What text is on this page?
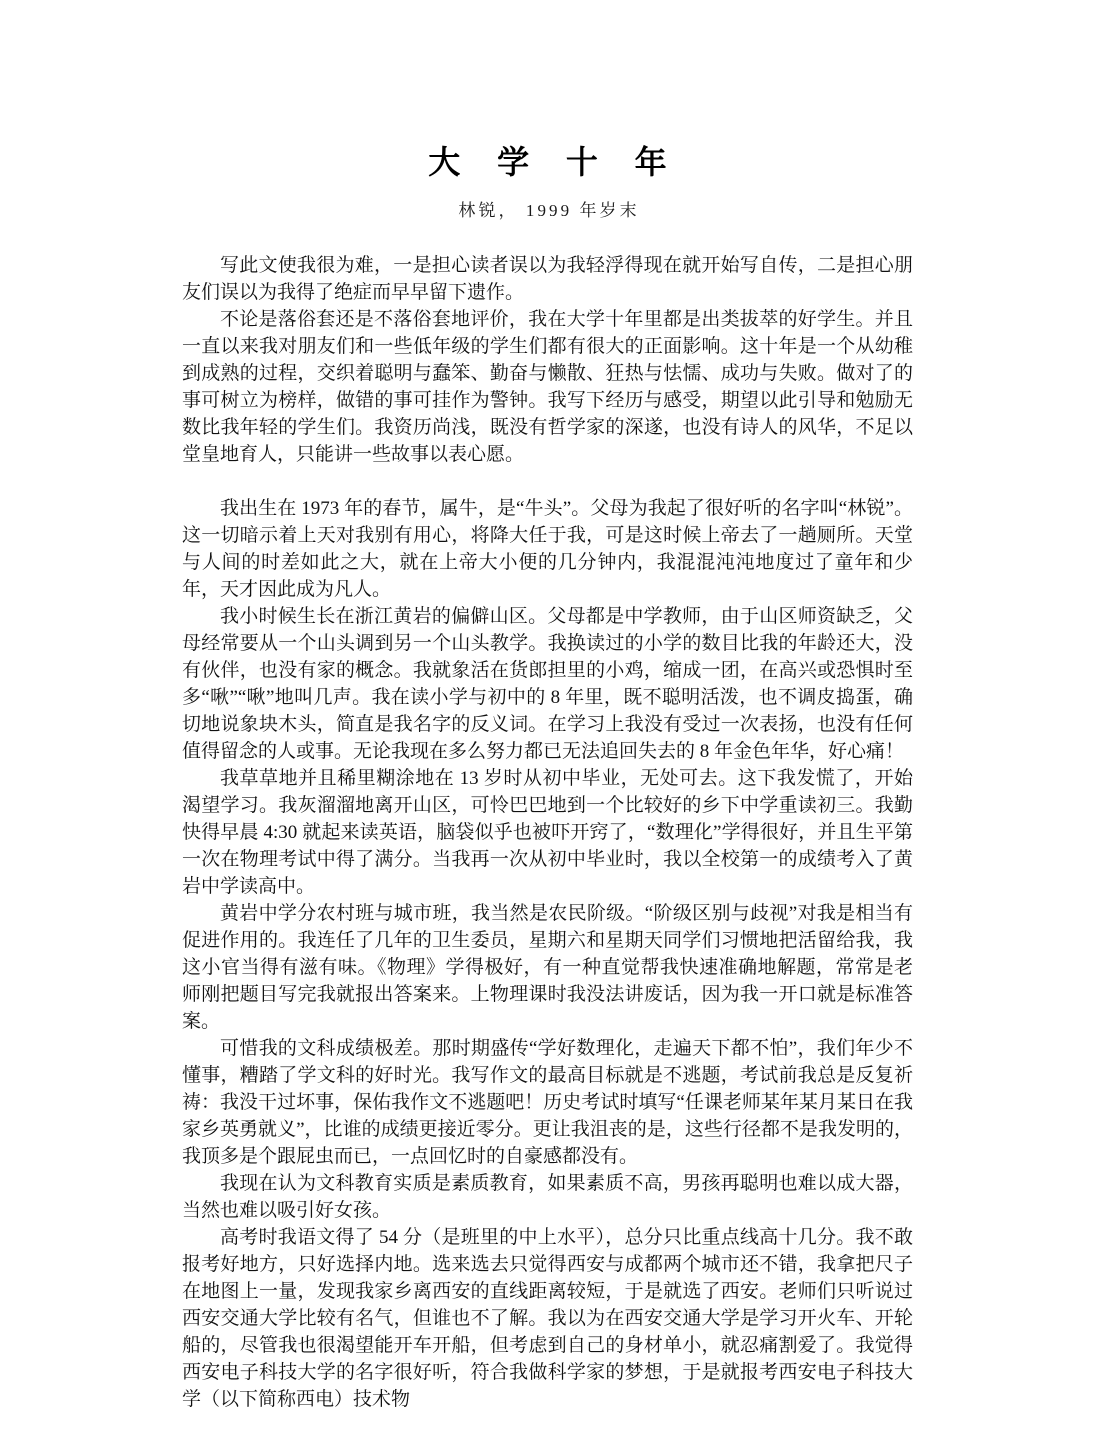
大 学 十 年
林锐， 1999 年岁末

写此文使我很为难，一是担心读者误以为我轻浮得现在就开始写自传，二是担心朋友们误以为我得了绝症而早早留下遗作。

不论是落俗套还是不落俗套地评价，我在大学十年里都是出类拔萃的好学生。并且一直以来我对朋友们和一些低年级的学生们都有很大的正面影响。这十年是一个从幼稚到成熟的过程，交织着聪明与蠢笨、勤奋与懒散、狂热与怯懦、成功与失败。做对了的事可树立为榜样，做错的事可挂作为警钟。我写下经历与感受，期望以此引导和勉励无数比我年轻的学生们。我资历尚浅，既没有哲学家的深遂，也没有诗人的风华，不足以堂皇地育人，只能讲一些故事以表心愿。

我出生在 1973 年的春节，属牛，是“牛头”。父母为我起了很好听的名字叫“林锐”。这一切暗示着上天对我别有用心，将降大任于我，可是这时候上帝去了一趟厕所。天堂与人间的时差如此之大，就在上帝大小便的几分钟内，我混混沌沌地度过了童年和少年，天才因此成为凡人。

我小时候生长在浙江黄岩的偏僻山区。父母都是中学教师，由于山区师资缺乏，父母经常要从一个山头调到另一个山头教学。我换读过的小学的数目比我的年龄还大，没有伙伴，也没有家的概念。我就象活在货郎担里的小鸡，缩成一团，在高兴或恐惧时至多“啾”“啾”地叫几声。我在读小学与初中的 8 年里，既不聪明活泼，也不调皮捣蛋，确切地说象块木头，简直是我名字的反义词。在学习上我没有受过一次表扬，也没有任何值得留念的人或事。无论我现在多么努力都已无法追回失去的 8 年金色年华，好心痛！

我草草地并且稀里糊涂地在 13 岁时从初中毕业，无处可去。这下我发慌了，开始渴望学习。我灰溜溜地离开山区，可怜巴巴地到一个比较好的乡下中学重读初三。我勤快得早晨 4:30 就起来读英语，脑袋似乎也被吓开窍了，“数理化”学得很好，并且生平第一次在物理考试中得了满分。当我再一次从初中毕业时，我以全校第一的成绩考入了黄岩中学读高中。

黄岩中学分农村班与城市班，我当然是农民阶级。“阶级区别与歧视”对我是相当有促进作用的。我连任了几年的卫生委员，星期六和星期天同学们习惯地把活留给我，我这小官当得有滋有味。《物理》学得极好，有一种直觉帮我快速准确地解题，常常是老师刚把题目写完我就报出答案来。上物理课时我没法讲废话，因为我一开口就是标准答案。

可惜我的文科成绩极差。那时期盛传“学好数理化，走遍天下都不怕”，我们年少不懂事，糟踏了学文科的好时光。我写作文的最高目标就是不逃题，考试前我总是反复祈祷：我没干过坏事，保佑我作文不逃题吧！历史考试时填写“任课老师某年某月某日在我家乡英勇就义”，比谁的成绩更接近零分。更让我沮丧的是，这些行径都不是我发明的，我顶多是个跟屁虫而已，一点回忆时的自豪感都没有。

我现在认为文科教育实质是素质教育，如果素质不高，男孩再聪明也难以成大器，当然也难以吸引好女孩。

高考时我语文得了 54 分（是班里的中上水平），总分只比重点线高十几分。我不敢报考好地方，只好选择内地。选来选去只觉得西安与成都两个城市还不错，我拿把尺子在地图上一量，发现我家乡离西安的直线距离较短，于是就选了西安。老师们只听说过西安交通大学比较有名气，但谁也不了解。我以为在西安交通大学是学习开火车、开轮船的，尽管我也很渴望能开车开船，但考虑到自己的身材单小，就忍痛割爱了。我觉得西安电子科技大学的名字很好听，符合我做科学家的梦想，于是就报考西安电子科技大学（以下简称西电）技术物
